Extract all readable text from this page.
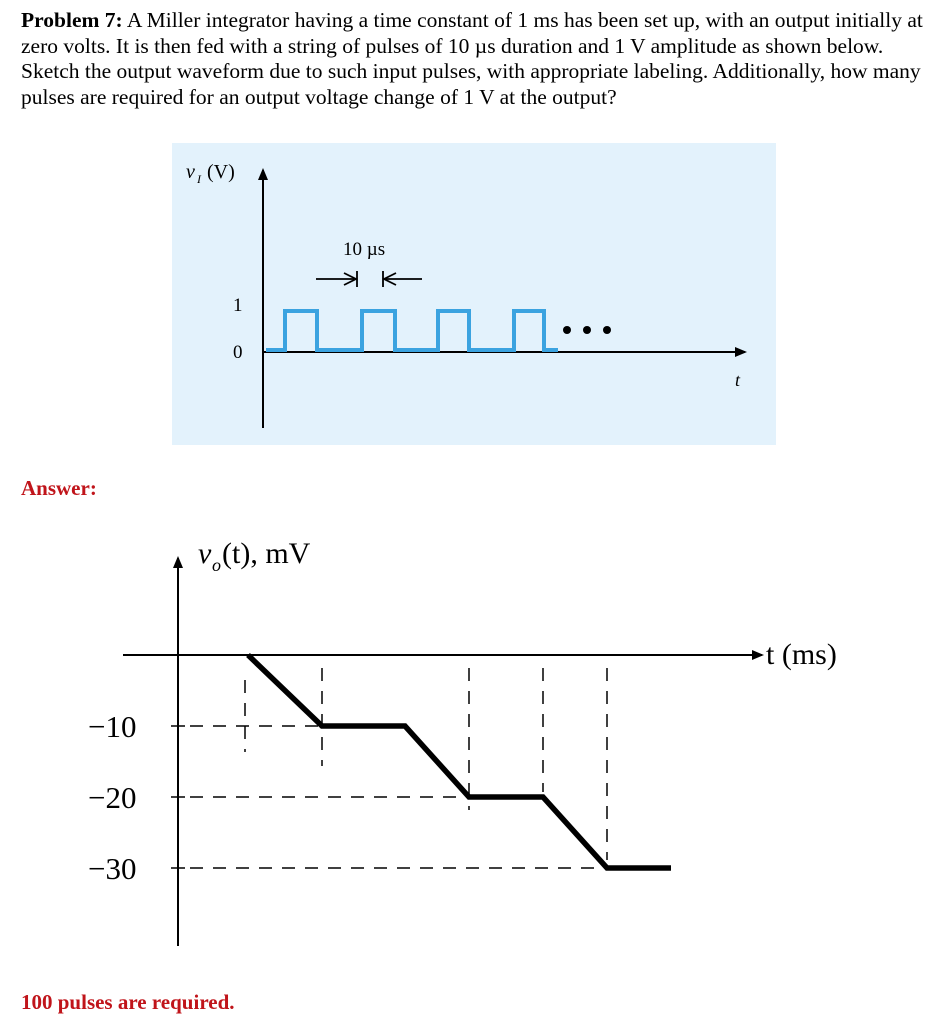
Problem 7: A Miller integrator having a time constant of 1 ms has been set up, with an output initially at zero volts. It is then fed with a string of pulses of 10 µs duration and 1 V amplitude as shown below. Sketch the output waveform due to such input pulses, with appropriate labeling. Additionally, how many pulses are required for an output voltage change of 1 V at the output?
v I (V)
1
0
10 µs
t
v o (t), mV
t (ms)
−10
−20
−30
Answer:
100 pulses are required.
